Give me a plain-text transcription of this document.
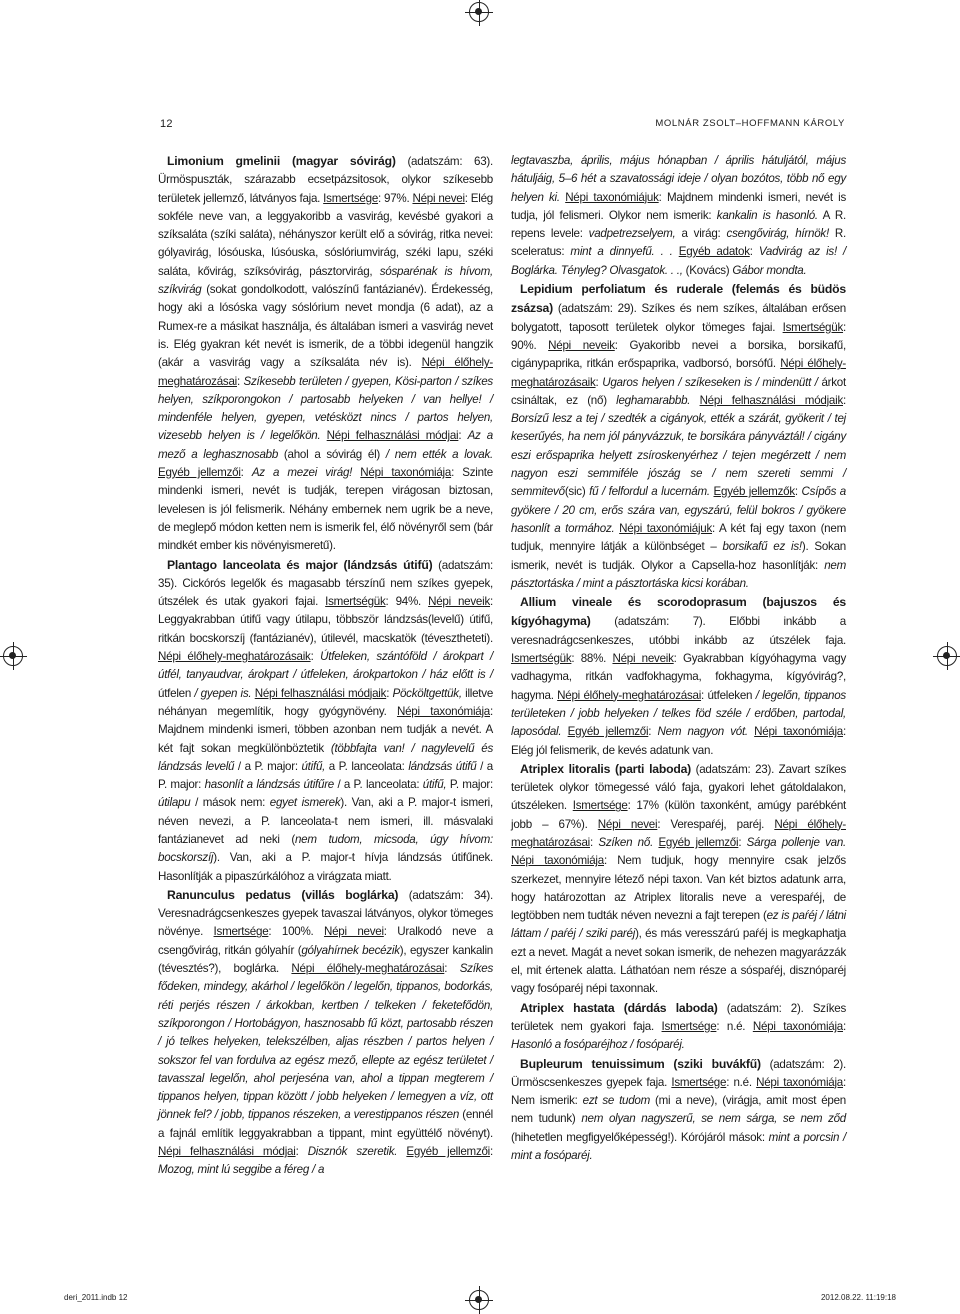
12	MOLNÁR ZSOLT–HOFFMANN KÁROLY

Limonium gmelinii (magyar sóvirág) (adatszám: 63). Ürmöspuszták, szárazabb ecsetpázsitosok, olykor szíkesebb területek jellemző, látványos faja. Ismertsége: 97%. Népi nevei: Elég sokféle neve van, a leggyakoribb a vasvirág, kevésbé gyakori a szíksaláta (szíki saláta), néhányszor került elő a sóvirág, ritka nevei: gólyavirág, lósóuska, lúsóuska, sóslóriumvirág, széki lapu, széki saláta, kővirág, szíksóvirág, pásztorvirág, sósparénak is hívom, szíkvirág (sokat gondolkodott, valószínű fantázianév). Érdekesség, hogy aki a lósóska vagy sóslórium nevet mondja (6 adat), az a Rumex-re a másikat használja, és általában ismeri a vasvirág nevet is. Elég gyakran két nevét is ismerik, de a többi idegenül hangzik (akár a vasvirág vagy a szíksaláta név is). Népi élőhely-meghatározásai: Szíkesebb területen / gyepen, Kösi-parton / szíkes helyen, szíkporongokon / partosabb helyeken / van hellye! / mindenféle helyen, gyepen, vetésközt nincs / partos helyen, vizesebb helyen is / legelőkön. Népi felhasználási módjai: Az a mező a leghasznosabb (ahol a sóvirág él) / nem ették a lovak. Egyéb jellemzői: Az a mezei virág! Népi taxonómiája: Szinte mindenki ismeri, nevét is tudják, terepen virágosan biztosan, levelesen is jól felismerik. Néhány embernek nem ugrik be a neve, de meglepő módon ketten nem is ismerik fel, élő növényről sem (bár mindkét ember kis növényismeretű).

Plantago lanceolata és major (lándzsás útifű) (adatszám: 35). Cickórós legelők és magasabb térszínű nem szíkes gyepek, útszélek és utak gyakori fajai. Ismertségük: 94%. Népi neveik: Leggyakrabban útifű vagy útilapu, többször lándzsás(levelű) útifű, ritkán bocskorszíj (fantázianév), útilevél, macskatök (tévesztheteti). Népi élőhely-meghatározásaik: Útfeleken, szántóföld / árokpart / útfél, tanyaudvar, árokpart / útfeleken, árokpartokon / ház előtt is / útfelen / gyepen is. Népi felhasználási módjaik: Pöcköltgettük, illetve néhányan megemlítik, hogy gyógynövény. Népi taxonómiája: Majdnem mindenki ismeri, többen azonban nem tudják a nevét. A két fajt sokan megkülönböztetik (többfajta van! / nagylevelű és lándzsás levelű / a P. major: útifű, a P. lanceolata: lándzsás útifű / a P. major: hasonlít a lándzsás útifűre / a P. lanceolata: útifű, P. major: útilapu / mások nem: egyet ismerek). Van, aki a P. major-t ismeri, néven nevezi, a P. lanceolata-t nem ismeri, ill. másvalaki fantázianevet ad neki (nem tudom, micsoda, úgy hívom: bocskorszíj). Van, aki a P. major-t hívja lándzsás útifűnek. Hasonlítják a pipaszúrkálóhoz a virágzata miatt.

Ranunculus pedatus (villás boglárka) (adatszám: 34). Veresnadrágcsenkeszes gyepek tavaszai látványos, olykor tömeges növénye. Ismertsége: 100%. Népi nevei: Uralkodó neve a csengővirág, ritkán gólyahír (gólyahírnek becézik), egyszer kankalin (tévesztés?), boglárka. Népi élőhely-meghatározásai: Szíkes fődeken, mindegy, akárhol / legelőkön / legelőn, tippanos, bodorkás, réti perjés részen / árkokban, kertben / telkeken / feketefődön, szíkporongon / Hortobágyon, hasznosabb fű közt, partosabb részen / jó telkes helyeken, telekszélben, aljas részben / partos helyen / sokszor fel van fordulva az egész mező, ellepte az egész területet / tavasszal legelőn, ahol perjeséna van, ahol a tippan megterem / tippanos helyen, tippan között / jobb helyeken / lemegyen a víz, ott jönnek fel? / jobb, tippanos részeken, a verestippanos részen (ennél a fajnál említik leggyakrabban a tippant, mint együttélő növényt). Népi felhasználási módjai: Disznók szeretik. Egyéb jellemzői: Mozog, mint lú seggibe a féreg / a

legtavaszba, április, május hónapban / április hátuljától, május hátuljáig, 5–6 hét a szavatossági ideje / olyan bozótos, több nő egy helyen ki. Népi taxonómiájuk: Majdnem mindenki ismeri, nevét is tudja, jól felismeri. Olykor nem ismerik: kankalin is hasonló. A R. repens levele: vadpetrezselyem, a virág: csengővirág, hírnök! R. sceleratus: mint a dinnyefű. . . Egyéb adatok: Vadvirág az is! / Boglárka. Tényleg? Olvasgatok. . ., (Kovács) Gábor mondta.

Lepidium perfoliatum és ruderale (felemás és büdös zsázsa) (adatszám: 29). Szíkes és nem szíkes, általában erősen bolygatott, taposott területek olykor tömeges fajai. Ismertségük: 90%. Népi neveik: Gyakoribb nevei a borsika, borsikafű, cigánypaprika, ritkán erőspaprika, vadborsó, borsófű. Népi élőhely-meghatározásaik: Ugaros helyen / szíkeseken is / mindenütt / árkot csináltak, ez (nő) leghamarabbb. Népi felhasználási módjaik: Borsízű lesz a tej / szedték a cigányok, ették a szárát, gyökerit / tej keserűyés, ha nem jól pányvázzuk, te borsikára pányváztál! / cigány eszi erőspaprika helyett zsíroskenyérhez / tejen megérzett / nem nagyon eszi semmiféle jószág se / nem szereti semmi / semmitevő(sic) fű / felfordul a lucernám. Egyéb jellemzők: Csípős a gyökere / 20 cm, erős szára van, egyszárú, felül bokros / gyökere hasonlít a tormához. Népi taxonómiájuk: A két faj egy taxon (nem tudjuk, mennyire látják a különbséget – borsikafű ez is!). Sokan ismerik, nevét is tudják. Olykor a Capsella-hoz hasonlítják: nem pásztortáska / mint a pásztortáska kicsi korában.

Allium vineale és scorodoprasum (bajuszos és kígyóhagyma) (adatszám: 7). Előbbi inkább a veresnadrágcsenkeszes, utóbbi inkább az útszélek faja. Ismertségük: 88%. Népi neveik: Gyakrabban kígyóhagyma vagy vadhagyma, ritkán vadfokhagyma, fokhagyma, kígyóvirág?, hagyma. Népi élőhely-meghatározásai: útfeleken / legelőn, tippanos területeken / jobb helyeken / telkes föd széle / erdőben, partodal, laposódal. Egyéb jellemzői: Nem nagyon vót. Népi taxonómiája: Elég jól felismerik, de kevés adatunk van.

Atriplex litoralis (parti laboda) (adatszám: 23). Zavart szíkes területek olykor tömegessé váló faja, gyakori lehet gátoldalakon, útszéleken. Ismertsége: 17% (külön taxonként, amúgy parébként jobb – 67%). Népi nevei: Verespaŕéj, paréj. Népi élőhely-meghatározásai: Szíken nő. Egyéb jellemzői: Sárga pollenje van. Népi taxonómiája: Nem tudjuk, hogy mennyire csak jelzős szerkezet, mennyire létező népi taxon. Van két biztos adatunk arra, hogy határozottan az Atriplex litoralis neve a verespaŕéj, de legtöbben nem tudták néven nevezni a fajt terepen (ez is paŕéj / látni láttam / paŕéj / sziki paréj), és más veresszárú paŕéj is megkaphatja ezt a nevet. Magát a nevet sokan ismerik, de nehezen magyarázzák el, mit értenek alatta. Láthatóan nem része a sóspaŕéj, disznóparéj vagy fosóparéj népi taxonnak.

Atriplex hastata (dárdás laboda) (adatszám: 2). Szíkes területek nem gyakori faja. Ismertsége: n.é. Népi taxonómiája: Hasonló a fosóparéjhoz / fosóparéj.

Bupleurum tenuissimum (sziki buvákfű) (adatszám: 2). Ürmöscsenkeszes gyepek faja. Ismertsége: n.é. Népi taxonómiája: Nem ismerik: ezt se tudom (mi a neve), (virágja, amit most épen nem tudunk) nem olyan nagyszerű, se nem sárga, se nem ződ (hihetetlen megfigyelőképesség!). Kórójáról mások: mint a porcsin / mint a fosóparéj.

deri_2011.indb 12	2012.08.22. 11:19:18
